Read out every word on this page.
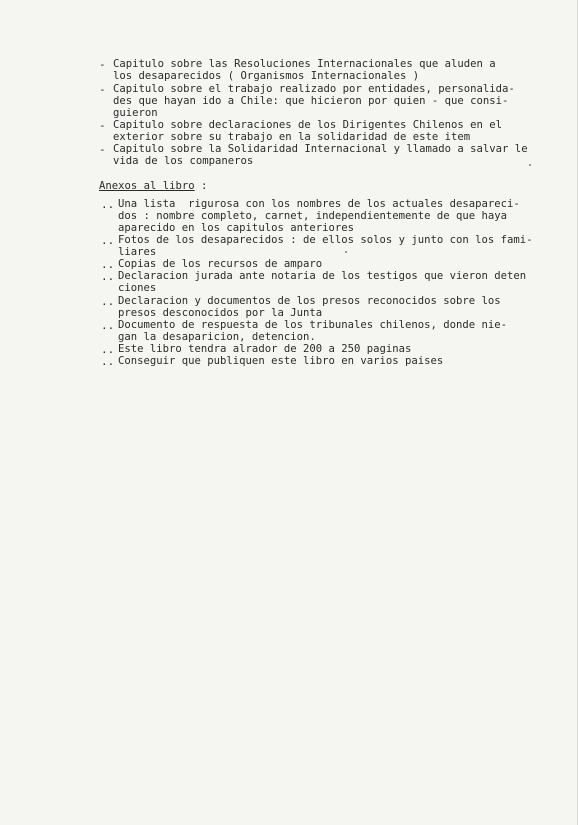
- Capitulo sobre las Resoluciones Internacionales que aluden a
los desaparecidos ( Organismos Internacionales )
- Capitulo sobre el trabajo realizado por entidades, personalida-
des que hayan ido a Chile: que hicieron por quien - que consi-
guieron
- Capitulo sobre declaraciones de los Dirigentes Chilenos en el
exterior sobre su trabajo en la solidaridad de este item
- Capitulo sobre la Solidaridad Internacional y llamado a salvar le
vida de los companeros
Anexos al libro :
.. Una lista  rigurosa con los nombres de los actuales desapareci-
dos : nombre completo, carnet, independientemente de que haya
aparecido en los capitulos anteriores
.. Fotos de los desaparecidos : de ellos solos y junto con los fami-
liares
.. Copias de los recursos de amparo
.. Declaracion jurada ante notaria de los testigos que vieron deten
ciones
.. Declaracion y documentos de los presos reconocidos sobre los
presos desconocidos por la Junta
.. Documento de respuesta de los tribunales chilenos, donde nie-
gan la desaparicion, detencion.
.. Este libro tendra alrador de 200 a 250 paginas
.. Conseguir que publiquen este libro en varios paises
